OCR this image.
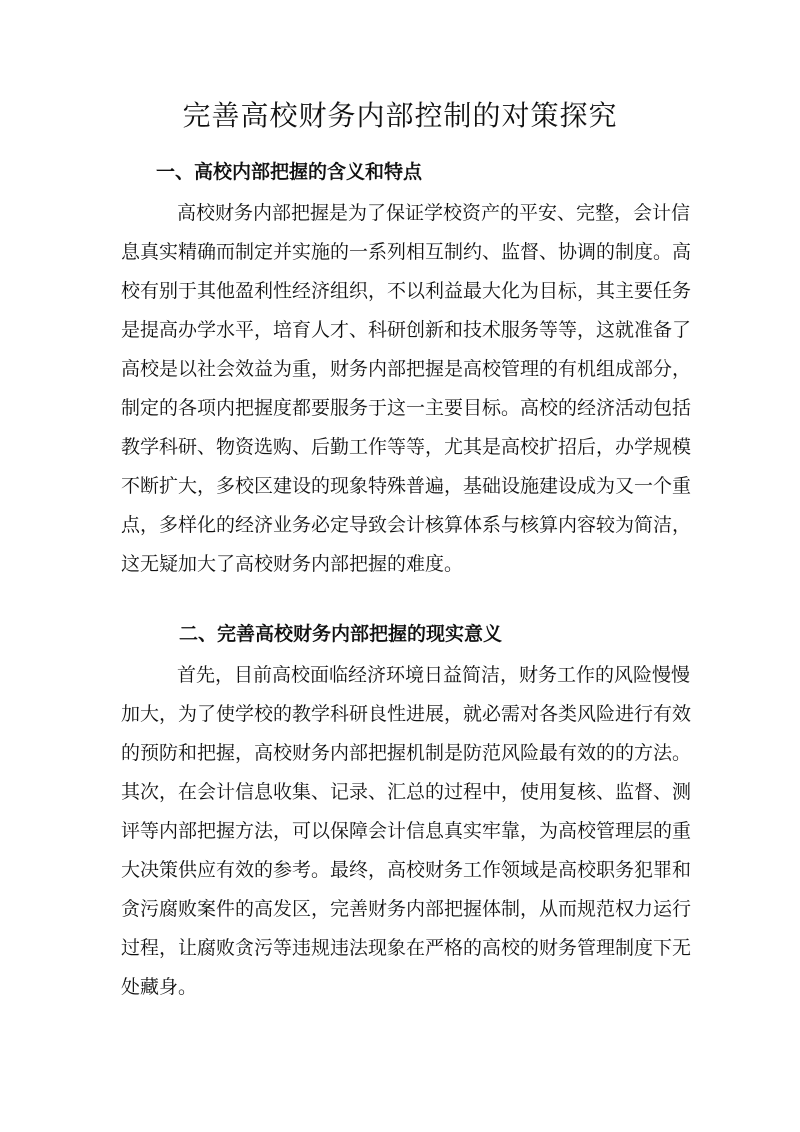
完善高校财务内部控制的对策探究
一、高校内部把握的含义和特点
高校财务内部把握是为了保证学校资产的平安、完整，会计信
息真实精确而制定并实施的一系列相互制约、监督、协调的制度。高
校有别于其他盈利性经济组织，不以利益最大化为目标，其主要任务
是提高办学水平，培育人才、科研创新和技术服务等等，这就准备了
高校是以社会效益为重，财务内部把握是高校管理的有机组成部分，
制定的各项内把握度都要服务于这一主要目标。高校的经济活动包括
教学科研、物资选购、后勤工作等等，尤其是高校扩招后，办学规模
不断扩大，多校区建设的现象特殊普遍，基础设施建设成为又一个重
点，多样化的经济业务必定导致会计核算体系与核算内容较为简洁，
这无疑加大了高校财务内部把握的难度。
二、完善高校财务内部把握的现实意义
首先，目前高校面临经济环境日益简洁，财务工作的风险慢慢
加大，为了使学校的教学科研良性进展，就必需对各类风险进行有效
的预防和把握，高校财务内部把握机制是防范风险最有效的的方法。
其次，在会计信息收集、记录、汇总的过程中，使用复核、监督、测
评等内部把握方法，可以保障会计信息真实牢靠，为高校管理层的重
大决策供应有效的参考。最终，高校财务工作领域是高校职务犯罪和
贪污腐败案件的高发区，完善财务内部把握体制，从而规范权力运行
过程，让腐败贪污等违规违法现象在严格的高校的财务管理制度下无
处藏身。
